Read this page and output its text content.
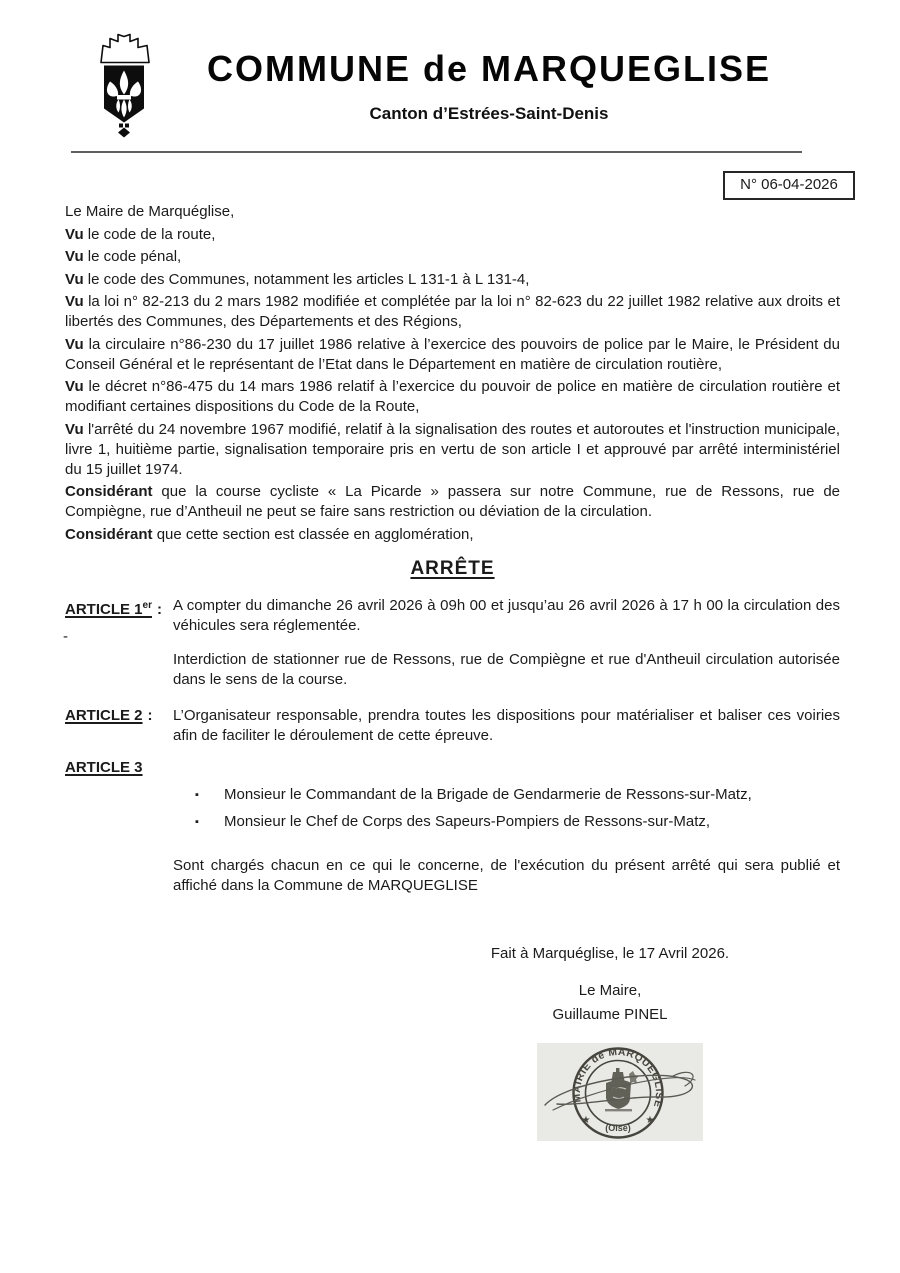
COMMUNE de MARQUEGLISE
Canton d’Estrées-Saint-Denis
-
N° 06-04-2026

Le Maire de Marquéglise,

Vu le code de la route,

Vu le code pénal,

Vu le code des Communes, notamment les articles L 131-1 à L 131-4,

Vu la loi n° 82-213 du 2 mars 1982 modifiée et complétée par la loi n° 82-623 du 22 juillet 1982 relative aux droits et libertés des Communes, des Départements et des Régions,

Vu la circulaire n°86-230 du 17 juillet 1986 relative à l’exercice des pouvoirs de police par le Maire, le Président du Conseil Général et le représentant de l’Etat dans le Département en matière de circulation routière,

Vu le décret n°86-475 du 14 mars 1986 relatif à l’exercice du pouvoir de police en matière de circulation routière et modifiant certaines dispositions du Code de la Route,

Vu l'arrêté du 24 novembre 1967 modifié, relatif à la signalisation des routes et autoroutes et l'instruction municipale, livre 1, huitième partie, signalisation temporaire pris en vertu de son article I et approuvé par arrêté interministériel du 15 juillet 1974.

Considérant que la course cycliste « La Picarde » passera sur notre Commune, rue de Ressons, rue de Compiègne, rue d’Antheuil ne peut se faire sans restriction ou déviation de la circulation.

Considérant que cette section est classée en agglomération,

ARRÊTE
ARTICLE 1er : A compter du dimanche 26 avril 2026 à 09h 00 et jusqu’au 26 avril 2026 à 17 h 00 la circulation des véhicules sera réglementée.
Interdiction de stationner rue de Ressons, rue de Compiègne et rue d'Antheuil circulation autorisée dans le sens de la course.
ARTICLE 2 :	L’Organisateur responsable, prendra toutes les dispositions pour matérialiser et baliser ces voiries afin de faciliter le déroulement de cette épreuve.
ARTICLE 3
▪	Monsieur le Commandant de la Brigade de Gendarmerie de Ressons-sur-Matz,
▪	Monsieur le Chef de Corps des Sapeurs-Pompiers de Ressons-sur-Matz,
Sont chargés chacun en ce qui le concerne, de l'exécution du présent arrêté qui sera publié et affiché dans la Commune de MARQUEGLISE

Fait à Marquéglise, le 17 Avril 2026.

Le Maire,

Guillaume PINEL

MAIRIE de MARQUEGLISE
★	★
(Oise)
